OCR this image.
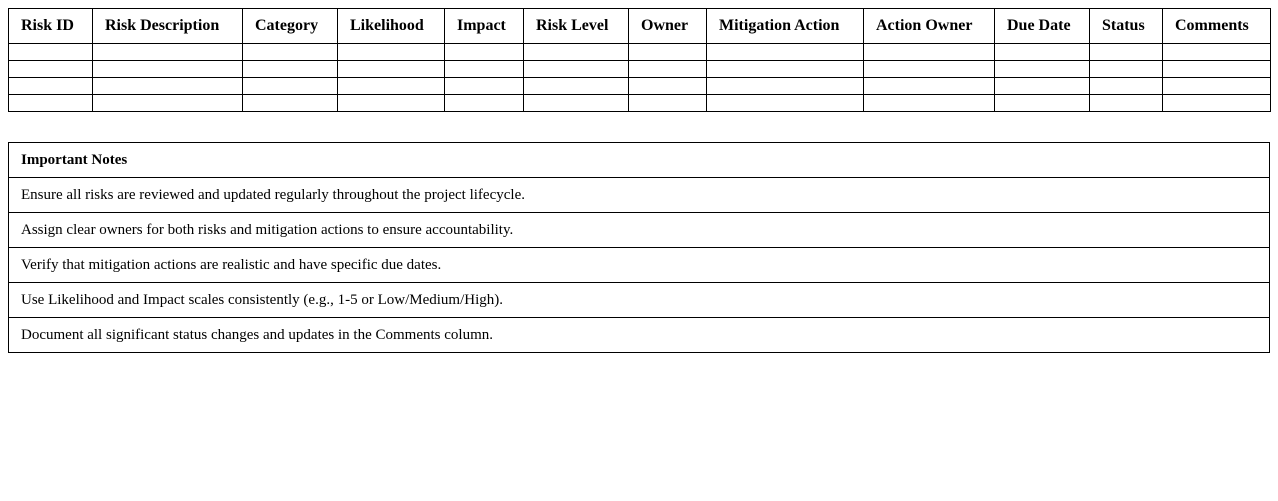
Risk ID	Risk Description	Category	Likelihood	Impact	Risk Level	Owner	Mitigation Action	Action Owner	Due Date	Status	Comments

Important Notes
Ensure all risks are reviewed and updated regularly throughout the project lifecycle.
Assign clear owners for both risks and mitigation actions to ensure accountability.
Verify that mitigation actions are realistic and have specific due dates.
Use Likelihood and Impact scales consistently (e.g., 1-5 or Low/Medium/High).
Document all significant status changes and updates in the Comments column.
